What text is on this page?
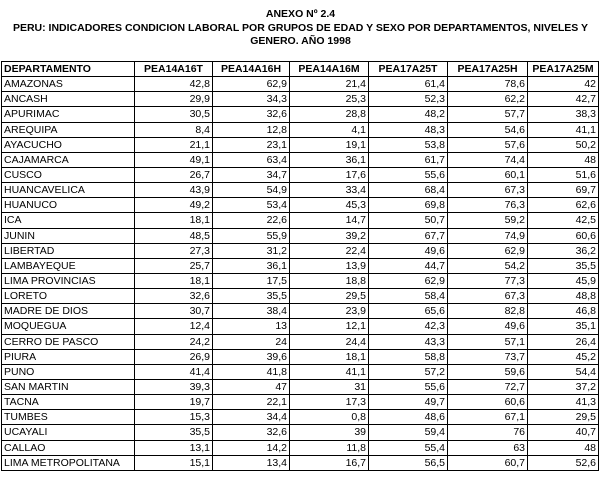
ANEXO Nº 2.4
PERU: INDICADORES CONDICION LABORAL POR GRUPOS DE EDAD Y SEXO POR DEPARTAMENTOS, NIVELES Y
GENERO. AÑO 1998
DEPARTAMENTO	PEA14A16T	PEA14A16H	PEA14A16M	PEA17A25T	PEA17A25H	PEA17A25M
AMAZONAS	42,8	62,9	21,4	61,4	78,6	42
ANCASH	29,9	34,3	25,3	52,3	62,2	42,7
APURIMAC	30,5	32,6	28,8	48,2	57,7	38,3
AREQUIPA	8,4	12,8	4,1	48,3	54,6	41,1
AYACUCHO	21,1	23,1	19,1	53,8	57,6	50,2
CAJAMARCA	49,1	63,4	36,1	61,7	74,4	48
CUSCO	26,7	34,7	17,6	55,6	60,1	51,6
HUANCAVELICA	43,9	54,9	33,4	68,4	67,3	69,7
HUANUCO	49,2	53,4	45,3	69,8	76,3	62,6
ICA	18,1	22,6	14,7	50,7	59,2	42,5
JUNIN	48,5	55,9	39,2	67,7	74,9	60,6
LIBERTAD	27,3	31,2	22,4	49,6	62,9	36,2
LAMBAYEQUE	25,7	36,1	13,9	44,7	54,2	35,5
LIMA PROVINCIAS	18,1	17,5	18,8	62,9	77,3	45,9
LORETO	32,6	35,5	29,5	58,4	67,3	48,8
MADRE DE DIOS	30,7	38,4	23,9	65,6	82,8	46,8
MOQUEGUA	12,4	13	12,1	42,3	49,6	35,1
CERRO DE PASCO	24,2	24	24,4	43,3	57,1	26,4
PIURA	26,9	39,6	18,1	58,8	73,7	45,2
PUNO	41,4	41,8	41,1	57,2	59,6	54,4
SAN MARTIN	39,3	47	31	55,6	72,7	37,2
TACNA	19,7	22,1	17,3	49,7	60,6	41,3
TUMBES	15,3	34,4	0,8	48,6	67,1	29,5
UCAYALI	35,5	32,6	39	59,4	76	40,7
CALLAO	13,1	14,2	11,8	55,4	63	48
LIMA METROPOLITANA	15,1	13,4	16,7	56,5	60,7	52,6
